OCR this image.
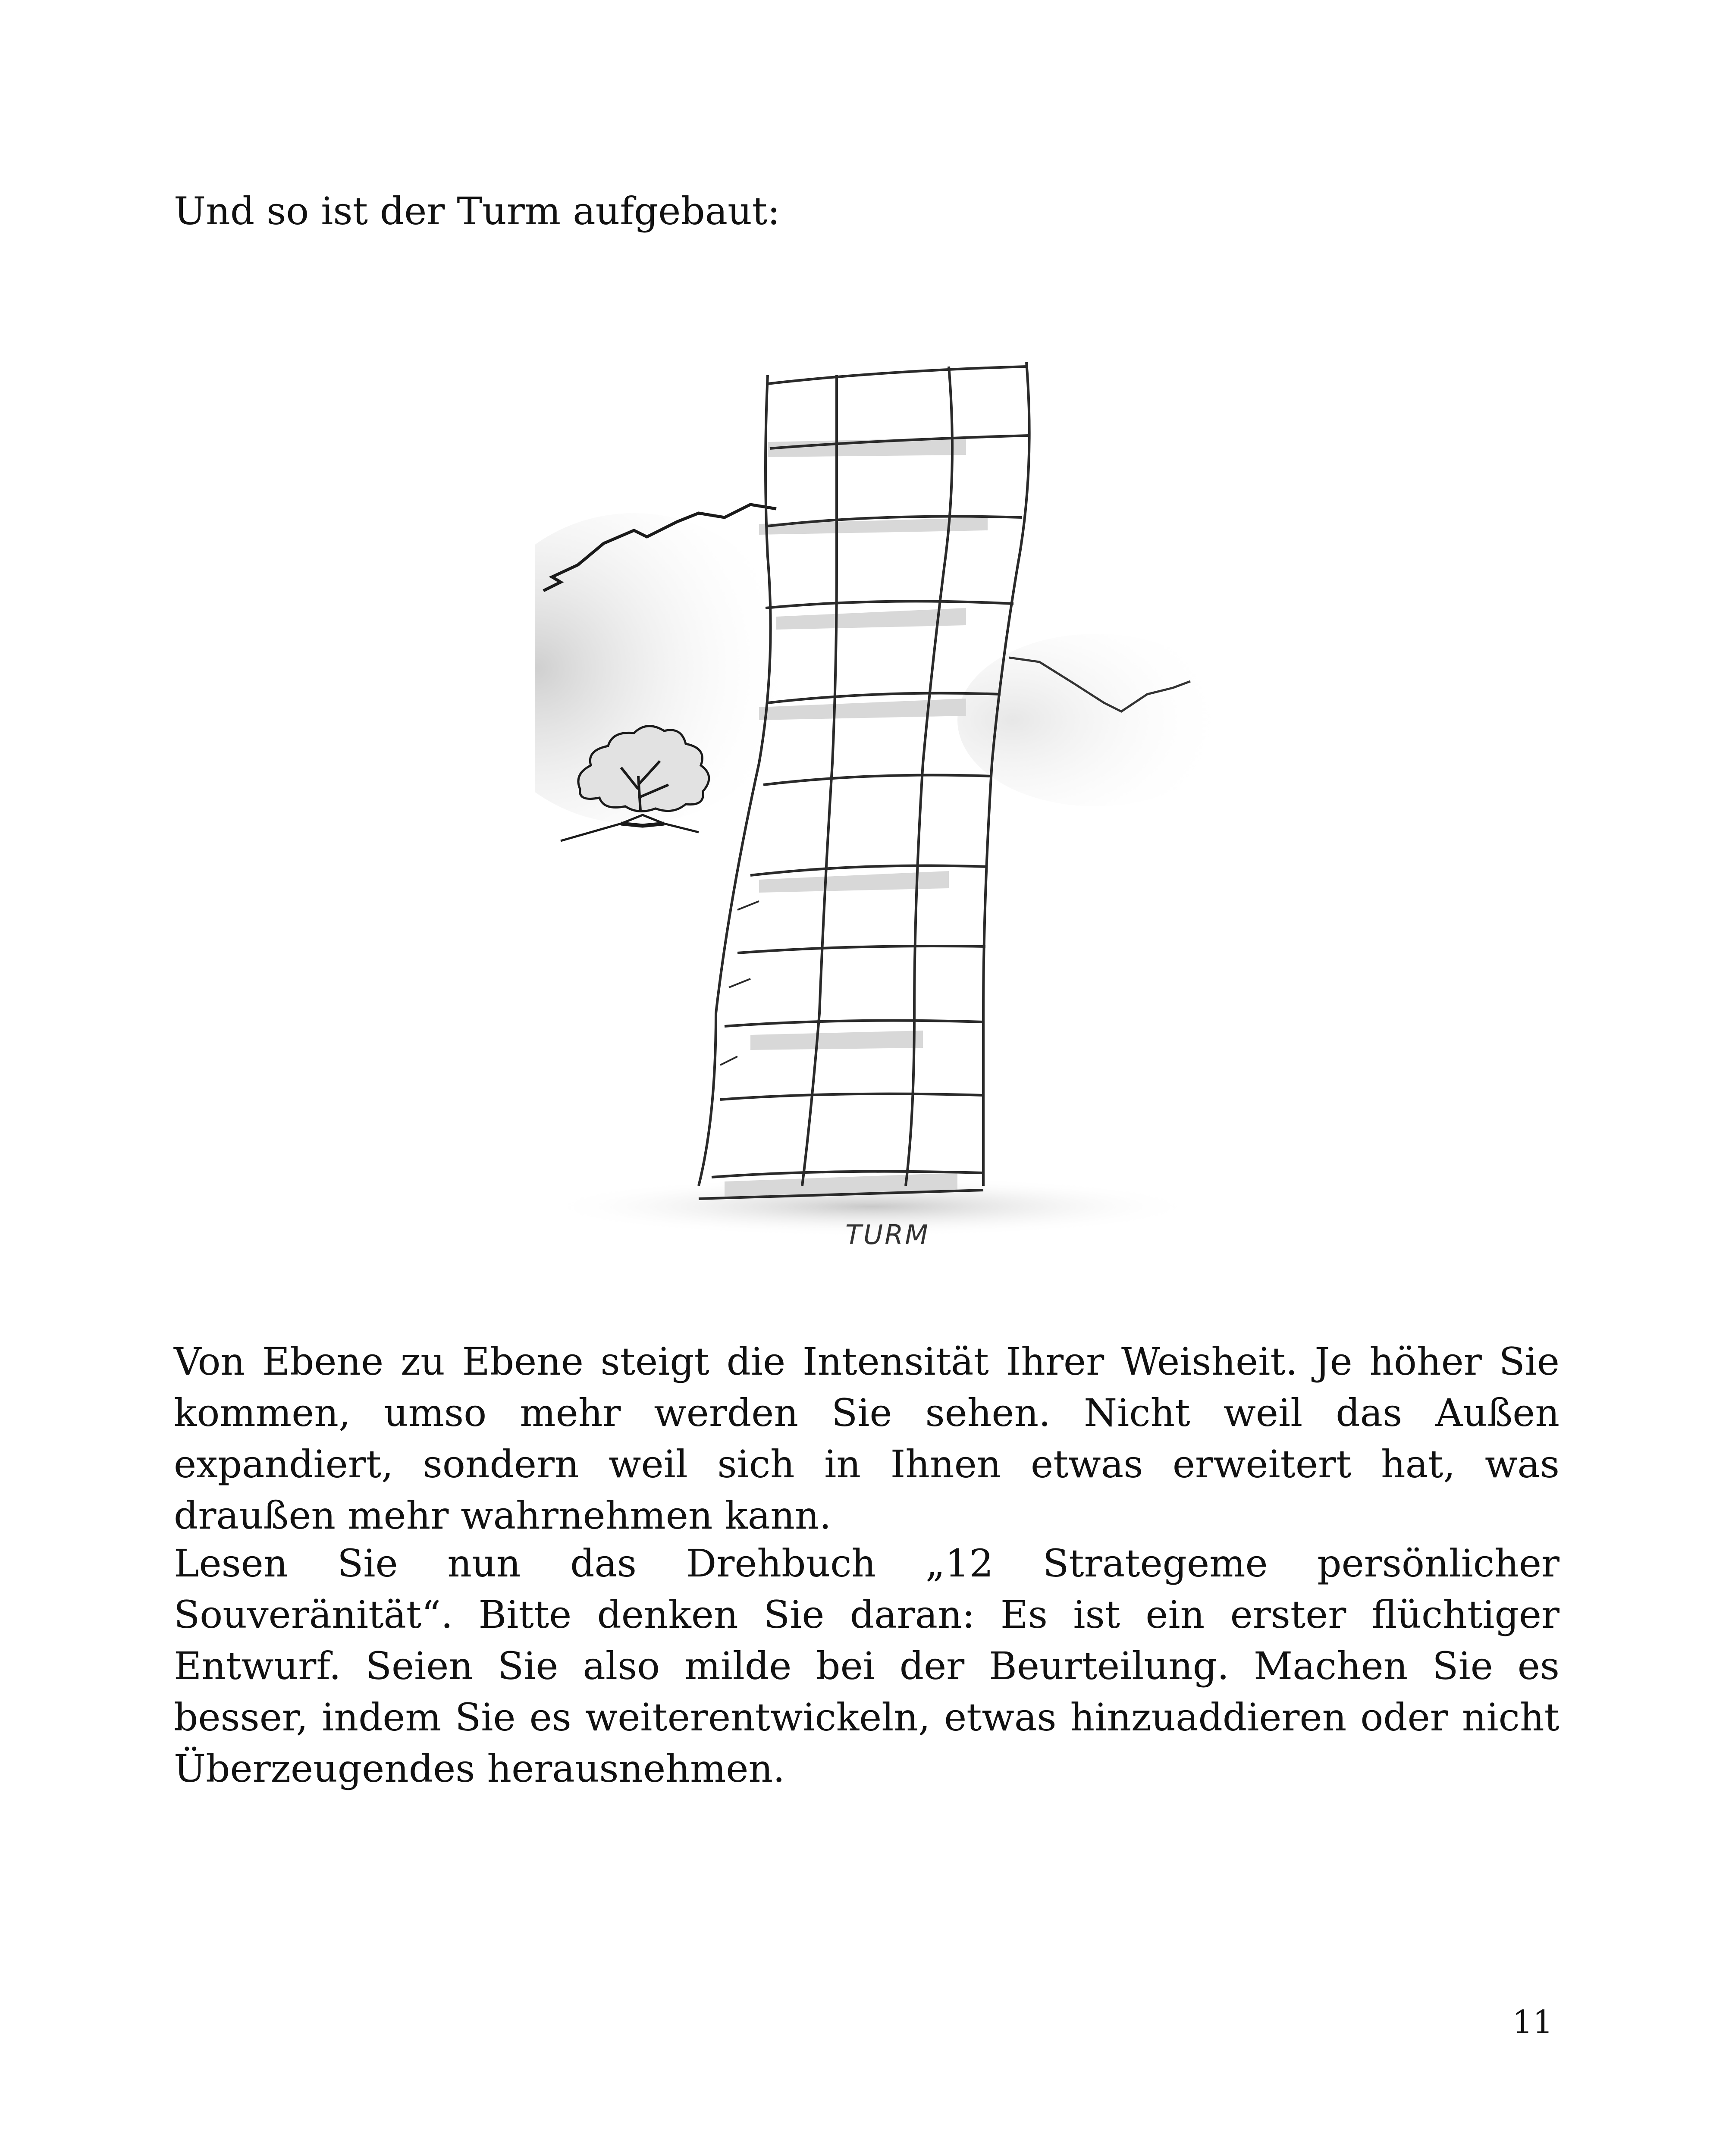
Und so ist der Turm aufgebaut:

TURM

Von Ebene zu Ebene steigt die Intensität Ihrer Weisheit. Je höher Sie kommen, umso mehr werden Sie sehen. Nicht weil das Außen expandiert, sondern weil sich in Ihnen etwas erweitert hat, was draußen mehr wahrnehmen kann.

Lesen Sie nun das Drehbuch „12 Strategeme persönlicher Souveränität“. Bitte denken Sie daran: Es ist ein erster flüchtiger Entwurf. Seien Sie also milde bei der Beurteilung. Machen Sie es besser, indem Sie es weiterentwickeln, etwas hinzuaddieren oder nicht Überzeugendes herausnehmen.

11
